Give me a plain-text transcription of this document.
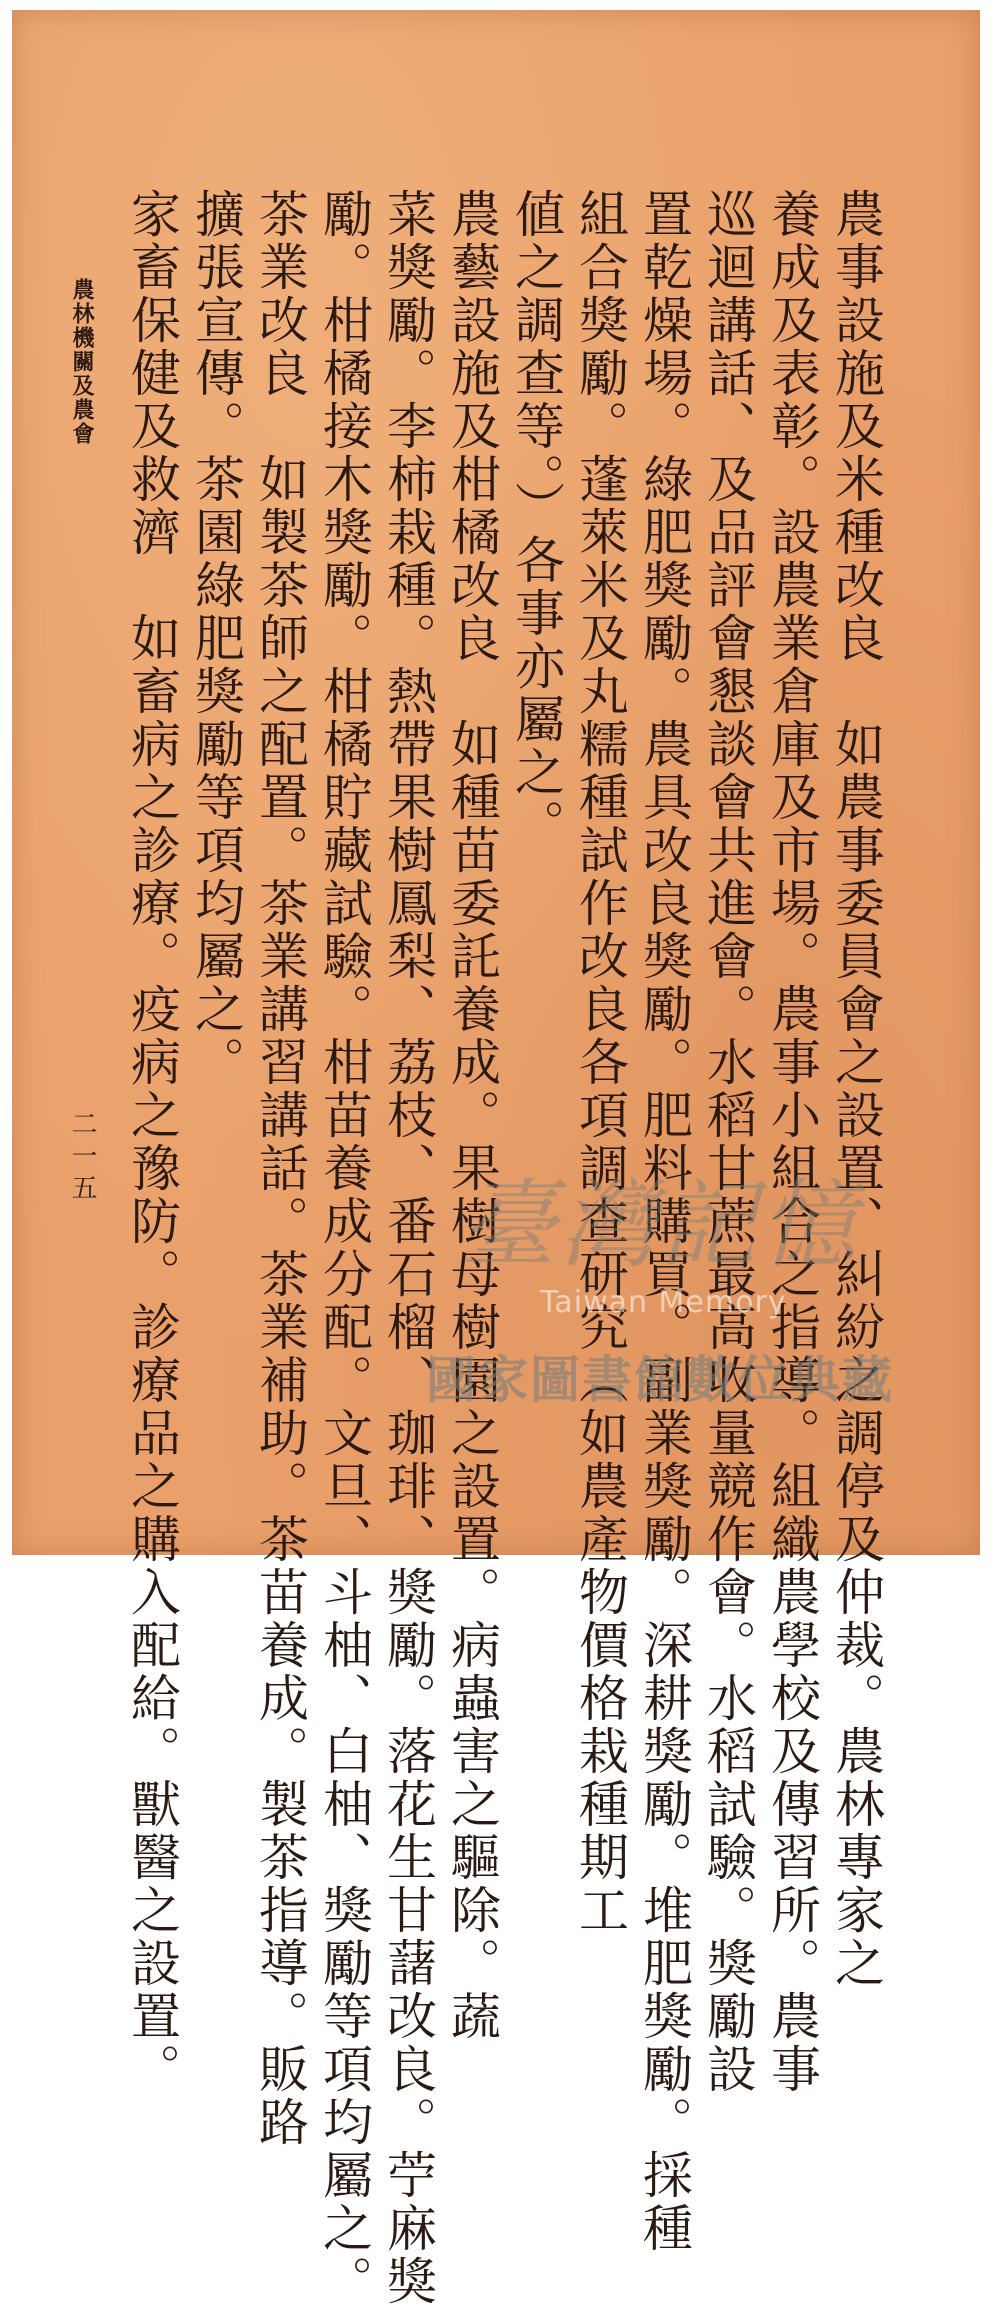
農事設施及米種改良　如農事委員會之設置、糾紛之調停及仲裁。農林專家之
養成及表彰。設農業倉庫及市場。農事小組合之指導。組織農學校及傳習所。農事
巡迴講話、及品評會懇談會共進會。水稻甘蔗最高收量競作會。水稻試驗。獎勵設
置乾燥場。綠肥獎勵。農具改良獎勵。肥料購買。副業獎勵。深耕獎勵。堆肥獎勵。採種
組合獎勵。蓬萊米及丸糯種試作改良各項調查研究（如農產物價格栽種期工
値之調查等。）各事亦屬之。
農藝設施及柑橘改良　如種苗委託養成。果樹母樹園之設置。病蟲害之驅除。蔬
菜獎勵。李柿栽種。熱帶果樹鳳梨、荔枝、番石榴、珈琲、獎勵。落花生甘藷改良。苧麻獎
勵。柑橘接木獎勵。柑橘貯藏試驗。柑苗養成分配。文旦、斗柚、白柚、獎勵等項均屬之。
茶業改良　如製茶師之配置。茶業講習講話。茶業補助。茶苗養成。製茶指導。販路
擴張宣傳。茶園綠肥獎勵等項均屬之。
家畜保健及救濟　如畜病之診療。疫病之豫防。診療品之購入配給。獸醫之設置。
農林機關及農會
二一五
臺灣記憶
Taiwan Memory
國家圖書館數位典藏
